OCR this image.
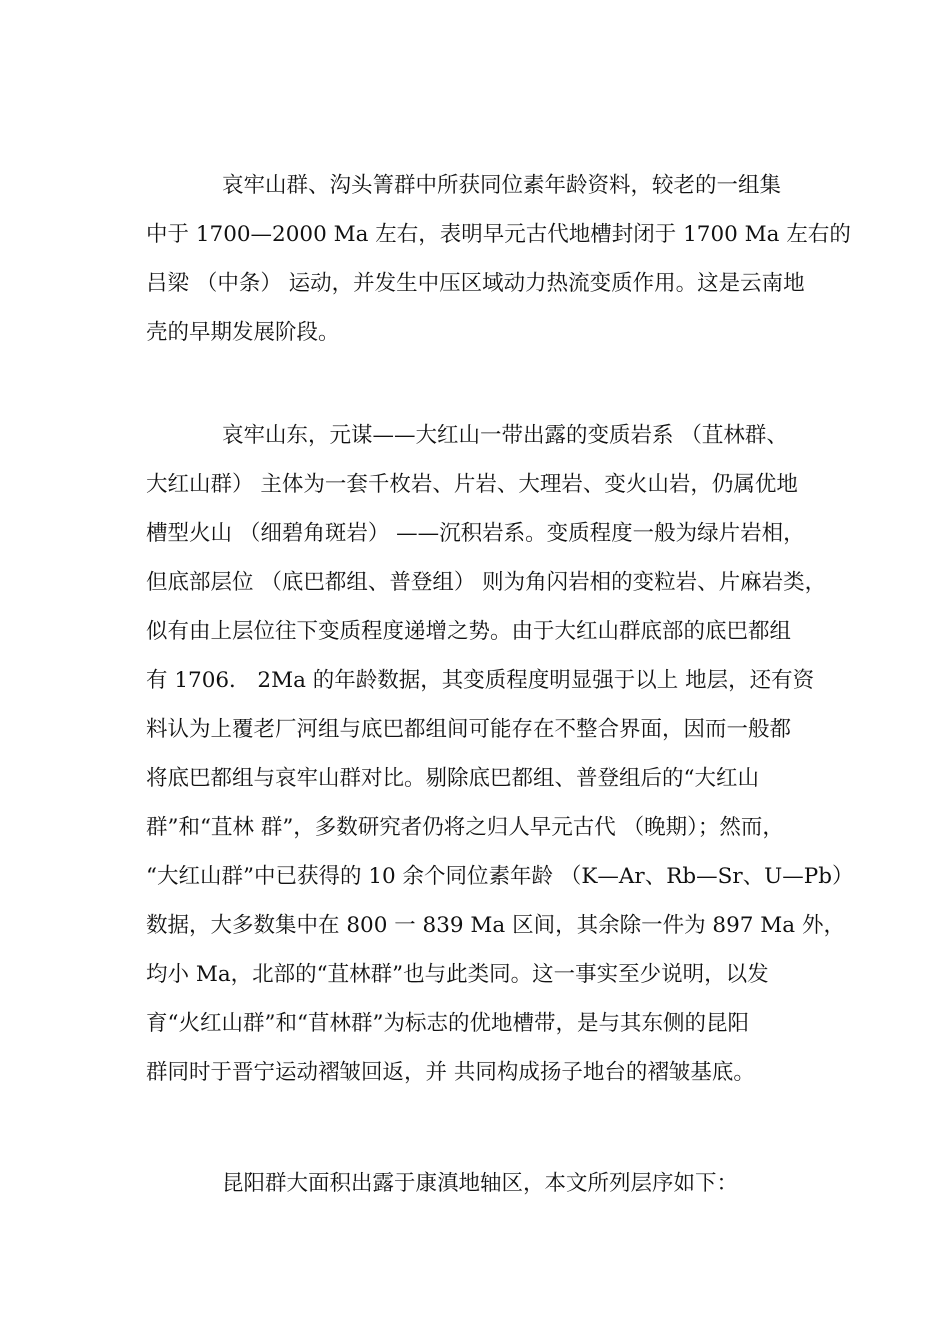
哀牢山群、沟头箐群中所获同位素年龄资料，较老的一组集
中于 1700—2000 Ma 左右，表明早元古代地槽封闭于 1700 Ma 左右的
吕梁 （中条） 运动，并发生中压区域动力热流变质作用。这是云南地
壳的早期发展阶段。
哀牢山东，元谋——大红山一带出露的变质岩系 （苴林群、
大红山群） 主体为一套千枚岩、片岩、大理岩、变火山岩，仍属优地
槽型火山 （细碧角斑岩） ——沉积岩系。变质程度一般为绿片岩相，
但底部层位 （底巴都组、普登组） 则为角闪岩相的变粒岩、片麻岩类，
似有由上层位往下变质程度递增之势。由于大红山群底部的底巴都组
有 1706． 2Ma 的年龄数据，其变质程度明显强于以上 地层，还有资
料认为上覆老厂河组与底巴都组间可能存在不整合界面，因而一般都
将底巴都组与哀牢山群对比。剔除底巴都组、普登组后的“大红山
群”和“苴林 群”，多数研究者仍将之归人早元古代 （晚期）；然而，
“大红山群”中已获得的 10 余个同位素年龄 （K—Ar、Rb—Sr、U—Pb）
数据，大多数集中在 800 一 839 Ma 区间，其余除一件为 897 Ma 外，
均小 Ma，北部的“苴林群”也与此类同。这一事实至少说明，以发
育“火红山群”和“苜林群”为标志的优地槽带，是与其东侧的昆阳
群同时于晋宁运动褶皱回返，并 共同构成扬子地台的褶皱基底。
昆阳群大面积出露于康滇地轴区，本文所列层序如下：
